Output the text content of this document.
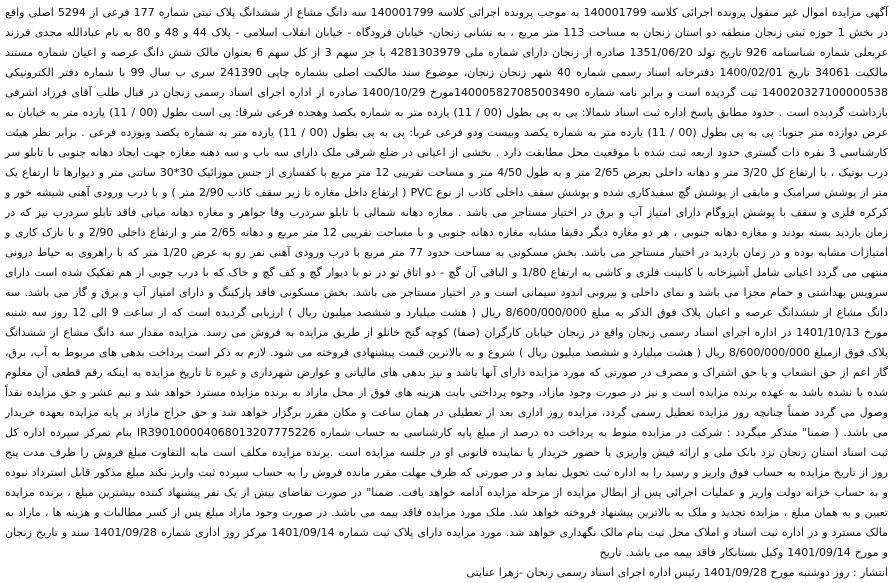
آگهی مزایده اموال غیر منقول پرونده اجرائی کلاسه 140001799 به موجب پرونده اجرائی کلاسه 140001799 سه دانگ مشاع از ششدانگ پلاک ثبتی شماره 177 فرعی از 5294 اصلی واقع در بخش 1 حوزه ثبتی زنجان منطقه دو استان زنجان به مساحت 113 متر مربع ، به نشانی زنجان- خیابان فرودگاه - خیابان انقلاب اسلامی - پلاک 44 و 48 و 80 به نام عبادالله مجدی فرزند عربعلی شماره شناسنامه 926 تاریخ تولد 1351/06/20 صادره از زنجان دارای شماره ملی 4281303979 با جز سهم 3 از کل سهم 6 بعنوان مالک شش دانگ عرصه و اعیان شماره مستند مالکیت 34061 تاریخ 1400/02/01 دفترخانه اسناد رسمی شماره 40 شهر زنجان زنجان، موضوع سند مالکیت اصلی بشماره چاپی 241390 سری ب سال 99 با شماره دفتر الکترونیکی 140020327100000538 ثبت گردیده است و برابر نامه شماره 140005827085003490مورخ 1400/10/29 صادره از اداره اجرای اسناد رسمی زنجان در قبال طلب آقای فرزاد اشرفی بازداشت گردیده است . حدود مطابق پاسخ اداره ثبت اسناد شمالا: پی به پی بطول (00 / 11) یازده متر به شماره یکصد وهجده فرعی شرقا: پی است بطول (00 / 11) یازده متر به خیابان به عرض دوازده متر جنوبا: پی به پی بطول (00 / 11) یازده متر به شماره یکصد وبیست ودو فرعی غربا: پی به پی بطول (00 / 11) یازده متر به شماره یکصد ونوزده فرعی . برابر نظر هیئت کارشناسی 3 نفره ذات گستری حدود اربعه ثبت شده با موقعیت محل مطابقت دارد . بخشی از اعیانی در ضلع شرقی ملک دارای سه باب و سه دهنه مغازه جهت ایجاد دهانه جنوبی با تابلو سر درب بوتیک ، با ارتفاع کل 3/20 متر و دهانه داخلی بعرض 2/65 متر و به طول 4/50 متر و مساحت تقریبی 12 متر مربع با کفسازی از جنس موزائیک 30*30 ساتتی متر و دیوارها تا ارتفاع یک متر از پوشش سرامیک و مابقی از پوشش گچ سفیدکاری شده و پوشش سقف داخلی کاذب از نوع PVC ( ارتفاع داخل مغازه تا زیر سقف کاذب 2/90 متر ) و با درب ورودی آهنی شیشه خور و کرکره فلزی و سقف با پوشش ایزوگام دارای امتیاز آب و برق در اختیار مستاجر می باشد . مغازه دهانه شمالی با تابلو سردرب وفا جواهر و مغازه دهانه میانی فاقد تابلو سردرب نیز که در زمان بازدید بسته بودند و مغازه دهانه جنوبی ، هر دو مغازه دیگر دقیقا مشابه مغازه دهانه جنوبی و با مساحت تقریبی 12 متر مربع و دهانه 2/65 متر و ارتفاع داخلی 2/90 و با نازک کاری و امتیازات مشابه بوده و در زمان بازدید در اختیار مستاجر می باشد. بخش مسکونی به مساحت حدود 77 متر مربع با درب ورودی آهنی نفر رو به عرض 1/20 متر که با راهروی به حیاط درونی منتهی می گردد اعیانی شامل آشپزخانه با کابینت فلزی و کاشی به ارتفاع 1/80 و الباقی آن گچ - دو اتاق تو در تو با دیوار گچ و کف گچ و خاک که با درب چوبی از هم تفکیک شده است دارای سرویس بهداشتی و حمام مجزا می باشد و نمای داخلی و بیرونی اندود سیمانی است و در اختیار مستاجر می باشد. بخش مسکونی فاقد پارکینگ و دارای امتیاز آب و برق و گاز می باشد. سه دانگ مشاع از ششدانگ عرصه و اعیان پلاک فوق الذکر به مبلغ 8/600/000/000 ریال ( هشت میلیارد و ششصد میلیون ریال ) ارزیابی گردیده است که از ساعت 9 الی 12 روز سه شنبه مورخ 1401/10/13 در اداره اجرای اسناد رسمی زنجان واقع در زنجان خیابان کارگران (صفا) کوچه گنج خانلو از طریق مزایده به فروش می رسد. مزایده مقدار سه دانگ مشاع از ششدانگ پلاک فوق ازمبلغ 8/600/000/000 ریال ( هشت میلیارد و ششصد میلیون ریال ) شروع و به بالاترین قیمت پیشنهادی فروخته می شود. لازم به ذکر است پرداخت بدهی های مربوط به آب، برق، گاز اعم از حق انشعاب و یا حق اشتراک و مصرف در صورتی که مورد مزایده دارای آنها باشد و نیز بدهی های مالیاتی و عوارض شهرداری و غیره تا تاریخ مزایده به اینکه رقم قطعی آن معلوم شده یا نشده باشد به عهده برنده مزایده است و نیز در صورت وجود مازاد، وجوه پرداختی بابت هزینه های فوق از محل مازاد به برنده مزایده مسترد خواهد شد و نیم عشر و حق مزایده نقداً وصول می گردد ضمناً چنانچه روز مزایده تعطیل رسمی گردد، مزایده روز اداری بعد از تعطیلی در همان ساعت و مکان مقرر برگزار خواهد شد و حق حراج مازاد بر پایه مزایده بعهده خریدار می باشد. ( ضمنا" متذکر میگردد : شرکت در مزایده منوط به پرداخت ده درصد از مبلغ پایه کارشناسی به حساب شماره IR390100004068013207775226 بنام تمرکز سپرده اداره کل ثبت اسناد استان زنجان نزد بانک ملی و ارائه فیش واریزی با حضور خریدار یا نماینده قانونی او در جلسه مزایده است .برنده مزایده مکلف است مابه التفاوت مبلغ فروش را ظرف مدت پنج روز از تاریخ مزایده به حساب فوق واریز و رسید را به اداره ثبت تحویل نماید و در صورتی که ظرف مهلت مقرر مانده فروش را به حساب سپرده ثبت واریز نکند مبلغ مذکور قابل استرداد نبوده و به حساب خزانه دولت واریز و عملیات اجرائی پس از ابطال مزایده از مرحله مزایده آدامه خواهد یافت. ضمنا" در صورت تقاضای بیش از یک نفر پیشنهاد کننده بیشترین مبلغ ، برنده مزایده تعیین و به همان مبلغ ، مزایده تجدید و ملک به بالاترین پیشنهاد فروخته خواهد شد. ملک مورد مزایده فاقد بیمه می باشد. در صورت وجود مازاد مبلغ پس از کسر مطالبات و هزینه ها ، مازاد به مالک مسترد و در اداره ثبت اسناد و املاک محل ثبت بنام مالک نگهداری خواهد شد. مورد مزایده دارای پلاک ثبت شماره 1401/09/14 مرکز روز اداری شماره 1401/09/28 سند و تاریخ زنجان و مورخ 1401/09/14 وکیل بستانکار فاقد بیمه می باشد. تاریخ

انتشار : روز دوشنبه مورخ 1401/09/28 رئیس اداره اجرای اسناد رسمی زنجان -زهرا عنایتی
